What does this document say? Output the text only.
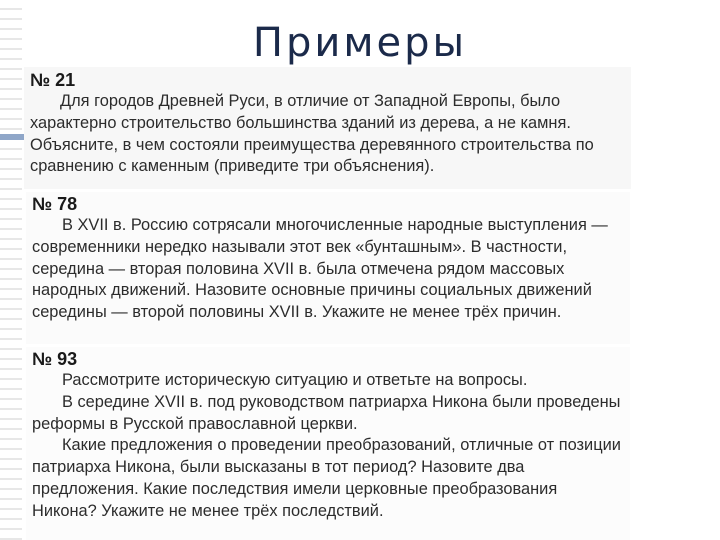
Примеры
№ 21

Для городов Древней Руси, в отличие от Западной Европы, было характерно строительство большинства зданий из дерева, а не камня. Объясните, в чем состояли преимущества деревянного строительства по сравнению с каменным (приведите три объяснения).

№ 78

В XVII в. Россию сотрясали многочисленные народные выступления — современники нередко называли этот век «бунташным». В частности, середина — вторая половина XVII в. была отмечена рядом массовых народных движений. Назовите основные причины социальных движений середины — второй половины XVII в. Укажите не менее трёх причин.

№ 93

Рассмотрите историческую ситуацию и ответьте на вопросы.

В середине XVII в. под руководством патриарха Никона были проведены реформы в Русской православной церкви.

Какие предложения о проведении преобразований, отличные от позиции патриарха Никона, были высказаны в тот период? Назовите два предложения. Какие последствия имели церковные преобразования Никона? Укажите не менее трёх последствий.
